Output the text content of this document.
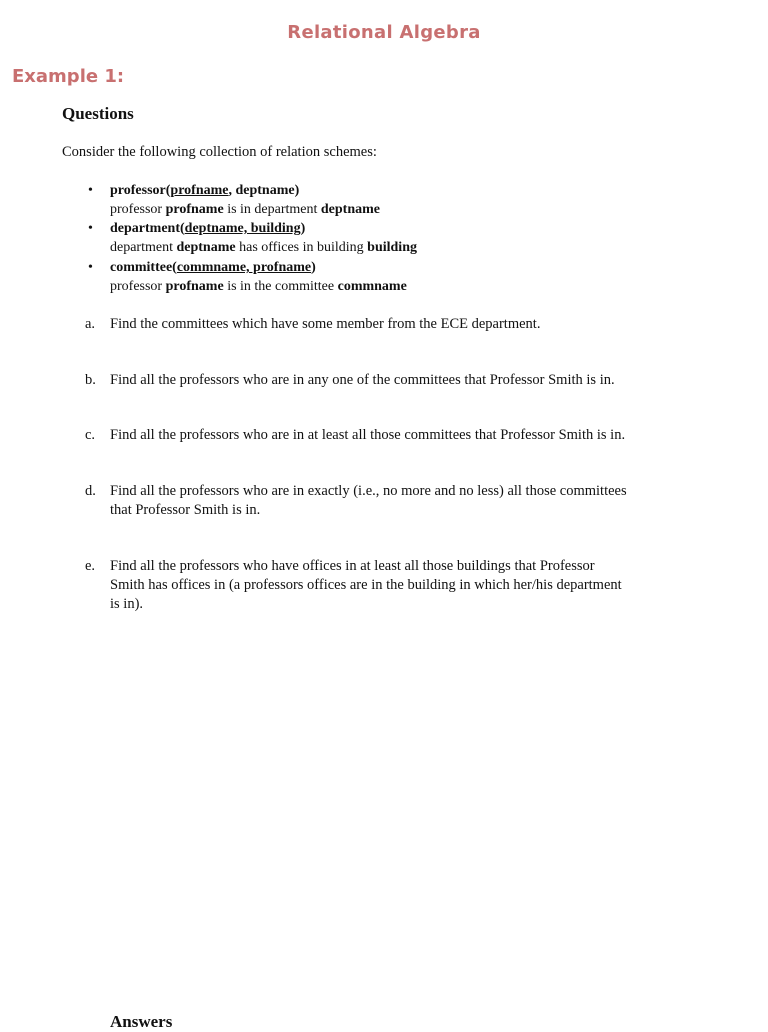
Relational Algebra
Example 1:
Questions
Consider the following collection of relation schemes:
• professor(profname, deptname)
professor profname is in department deptname
• department(deptname, building)
department deptname has offices in building building
• committee(commname, profname)
professor profname is in the committee commname
a. Find the committees which have some member from the ECE department.
b. Find all the professors who are in any one of the committees that Professor Smith is in.
c. Find all the professors who are in at least all those committees that Professor Smith is in.
d. Find all the professors who are in exactly (i.e., no more and no less) all those committees
that Professor Smith is in.
e. Find all the professors who have offices in at least all those buildings that Professor
Smith has offices in (a professors offices are in the building in which her/his department
is in).
Answers
